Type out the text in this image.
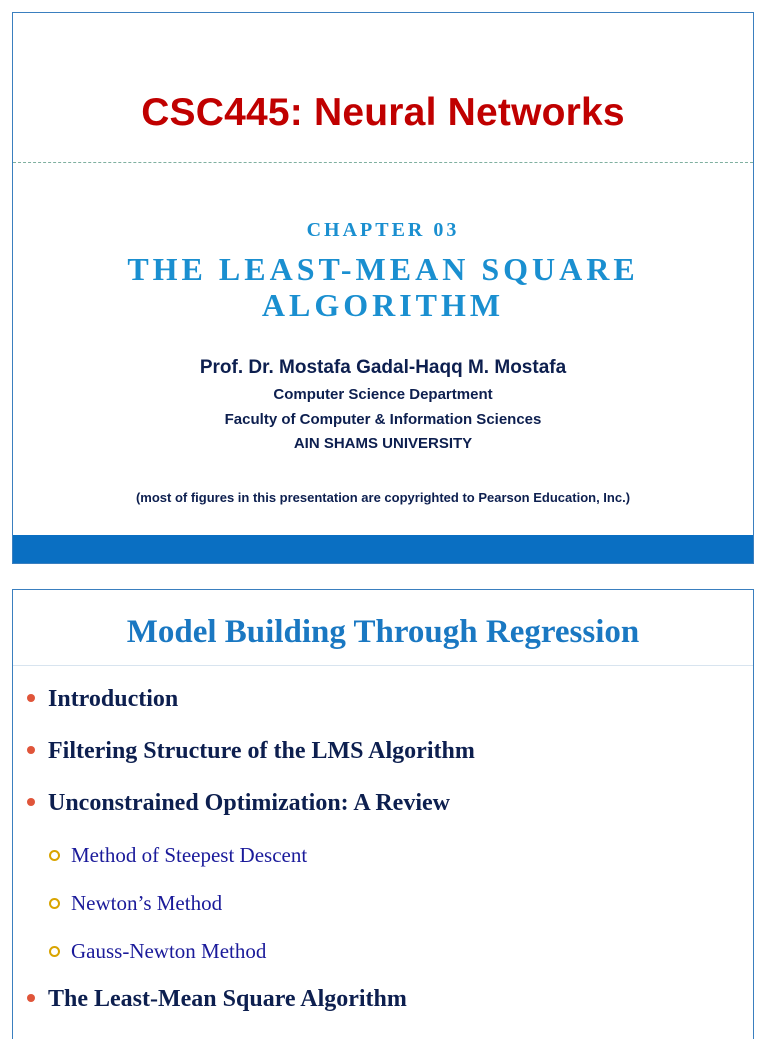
CSC445: Neural Networks
CHAPTER 03
THE LEAST-MEAN SQUARE
ALGORITHM
Prof. Dr. Mostafa Gadal-Haqq M. Mostafa
Computer Science Department
Faculty of Computer & Information Sciences
AIN SHAMS UNIVERSITY
(most of figures in this presentation are copyrighted to Pearson Education, Inc.)
Model Building Through Regression
Introduction
Filtering Structure of the LMS Algorithm
Unconstrained Optimization: A Review
Method of Steepest Descent
Newton’s Method
Gauss-Newton Method
The Least-Mean Square Algorithm
